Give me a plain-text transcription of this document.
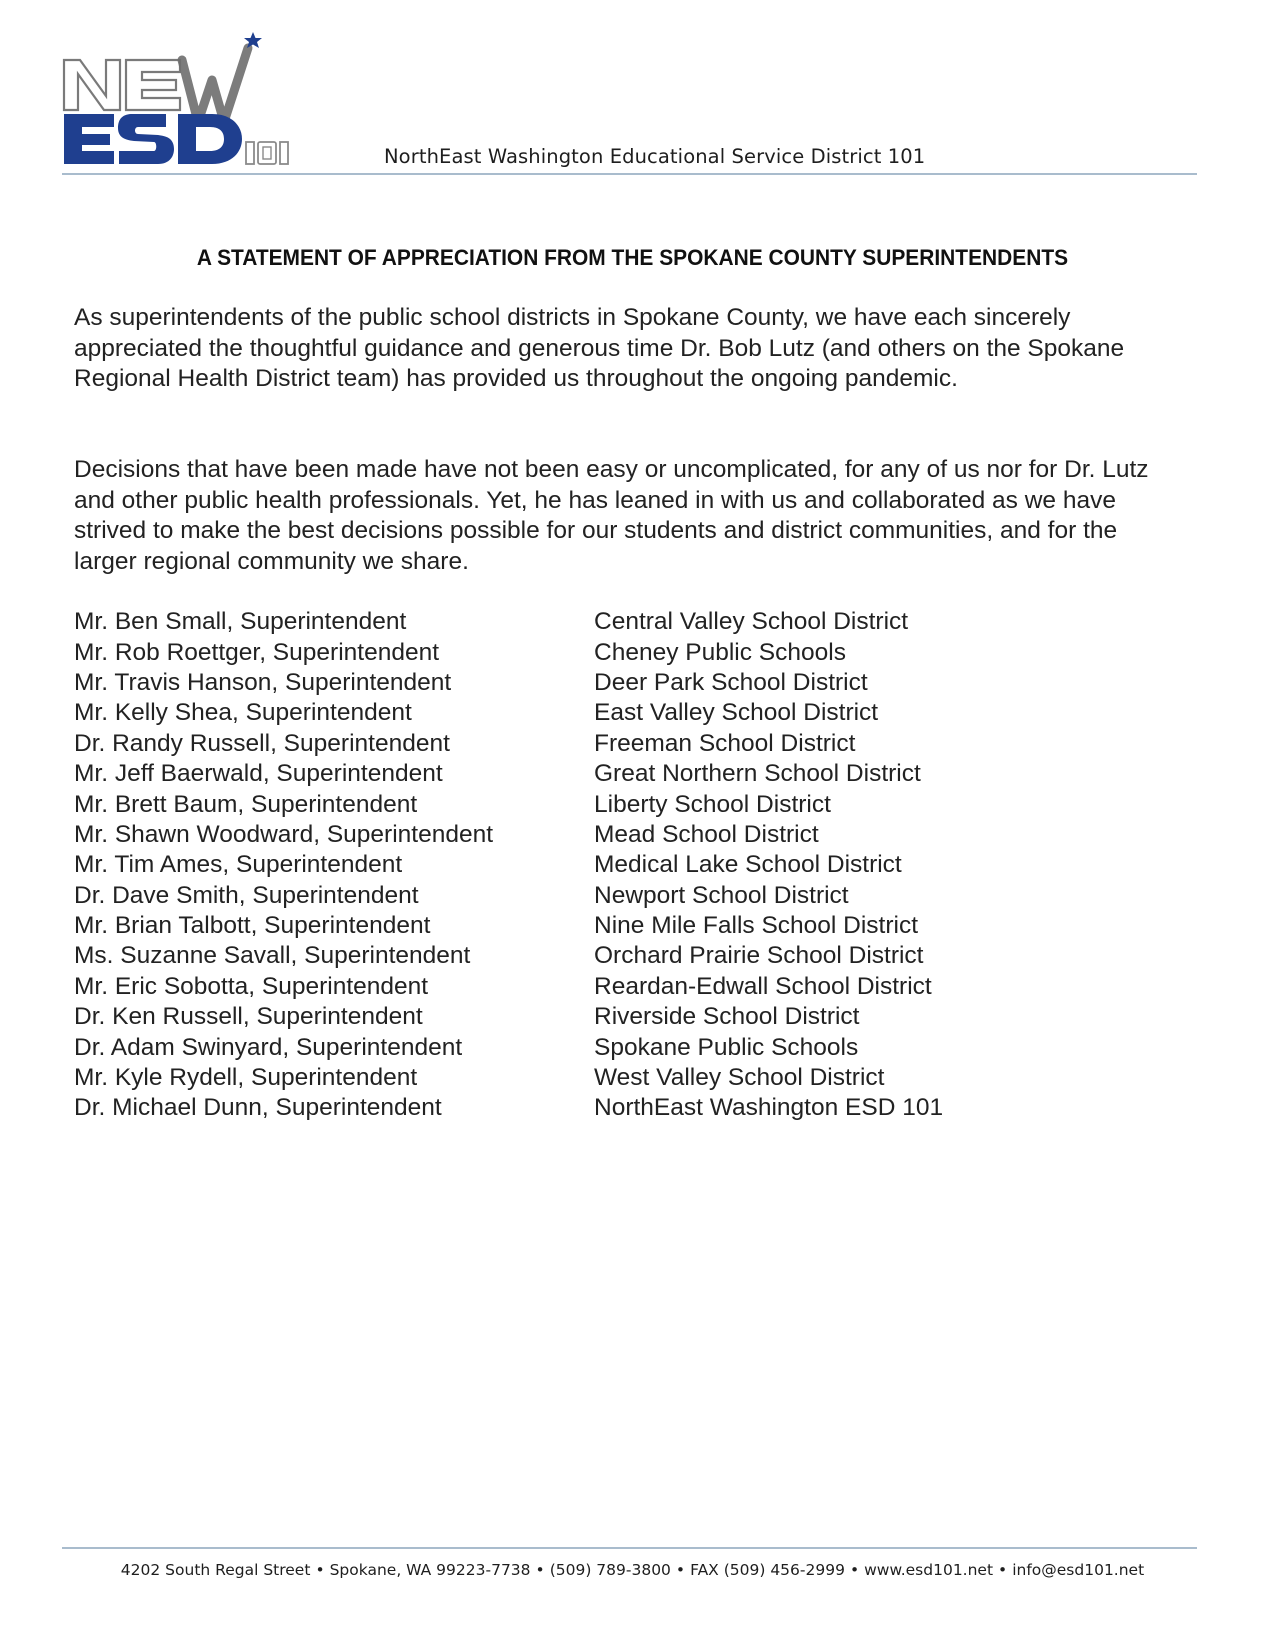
NorthEast Washington Educational Service District 101
A STATEMENT OF APPRECIATION FROM THE SPOKANE COUNTY SUPERINTENDENTS

As superintendents of the public school districts in Spokane County, we have each sincerely appreciated the thoughtful guidance and generous time Dr. Bob Lutz (and others on the Spokane Regional Health District team) has provided us throughout the ongoing pandemic.

Decisions that have been made have not been easy or uncomplicated, for any of us nor for Dr. Lutz and other public health professionals. Yet, he has leaned in with us and collaborated as we have strived to make the best decisions possible for our students and district communities, and for the larger regional community we share.

Mr. Ben Small, Superintendent	Central Valley School District
Mr. Rob Roettger, Superintendent	Cheney Public Schools
Mr. Travis Hanson, Superintendent	Deer Park School District
Mr. Kelly Shea, Superintendent	East Valley School District
Dr. Randy Russell, Superintendent	Freeman School District
Mr. Jeff Baerwald, Superintendent	Great Northern School District
Mr. Brett Baum, Superintendent	Liberty School District
Mr. Shawn Woodward, Superintendent	Mead School District
Mr. Tim Ames, Superintendent	Medical Lake School District
Dr. Dave Smith, Superintendent	Newport School District
Mr. Brian Talbott, Superintendent	Nine Mile Falls School District
Ms. Suzanne Savall, Superintendent	Orchard Prairie School District
Mr. Eric Sobotta, Superintendent	Reardan-Edwall School District
Dr. Ken Russell, Superintendent	Riverside School District
Dr. Adam Swinyard, Superintendent	Spokane Public Schools
Mr. Kyle Rydell, Superintendent	West Valley School District
Dr. Michael Dunn, Superintendent	NorthEast Washington ESD 101
4202 South Regal Street • Spokane, WA 99223-7738 • (509) 789-3800 • FAX (509) 456-2999 • www.esd101.net • info@esd101.net
